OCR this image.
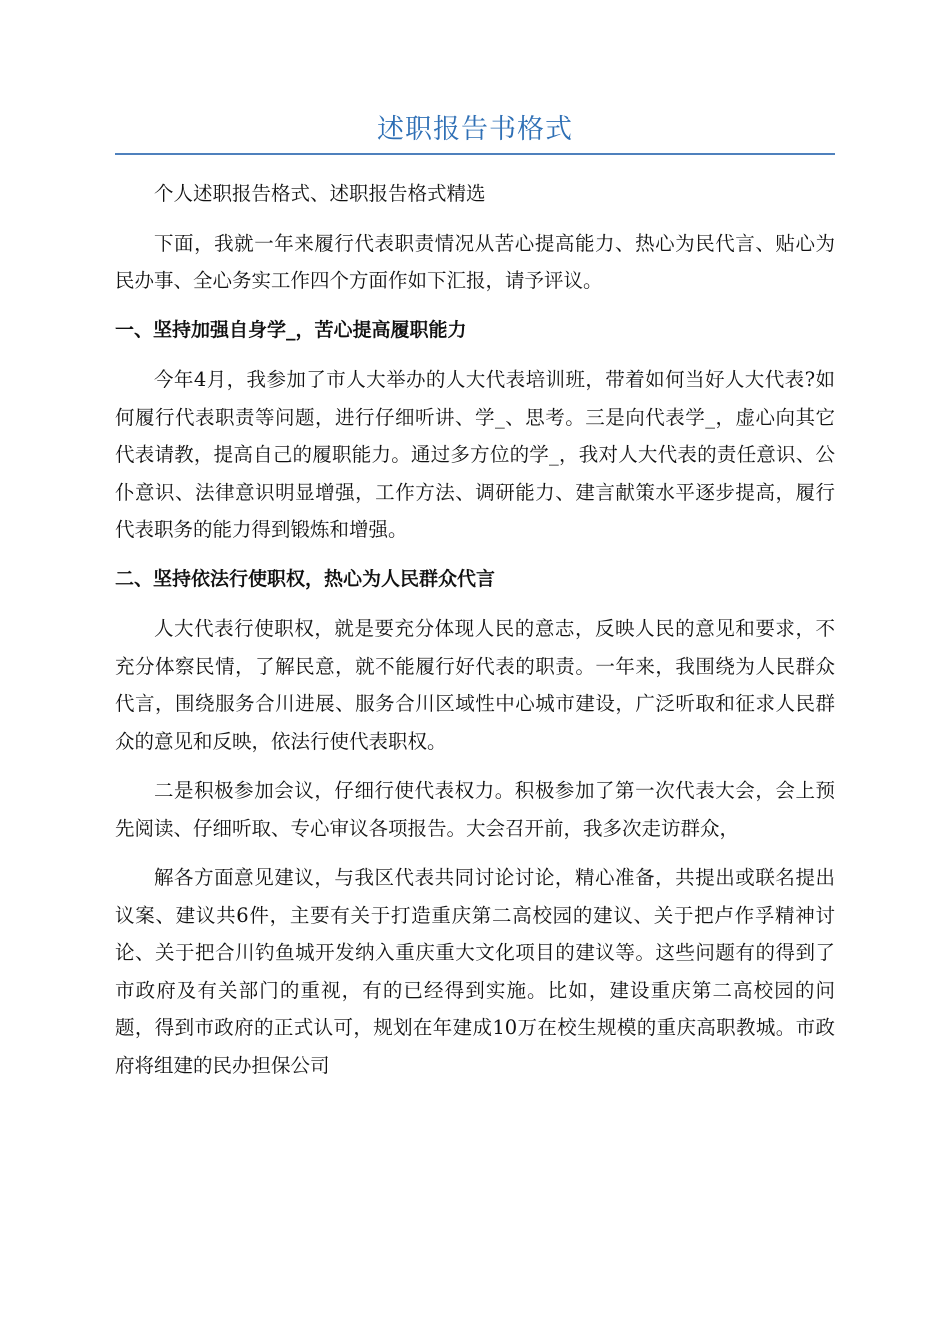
述职报告书格式

个人述职报告格式、述职报告格式精选

下面，我就一年来履行代表职责情况从苦心提高能力、热心为民代言、贴心为民办事、全心务实工作四个方面作如下汇报，请予评议。

一、坚持加强自身学_，苦心提高履职能力

今年4月，我参加了市人大举办的人大代表培训班，带着如何当好人大代表?如何履行代表职责等问题，进行仔细听讲、学_、思考。三是向代表学_，虚心向其它代表请教，提高自己的履职能力。通过多方位的学_，我对人大代表的责任意识、公仆意识、法律意识明显增强，工作方法、调研能力、建言献策水平逐步提高，履行代表职务的能力得到锻炼和增强。

二、坚持依法行使职权，热心为人民群众代言

人大代表行使职权，就是要充分体现人民的意志，反映人民的意见和要求，不充分体察民情，了解民意，就不能履行好代表的职责。一年来，我围绕为人民群众代言，围绕服务合川进展、服务合川区域性中心城市建设，广泛听取和征求人民群众的意见和反映，依法行使代表职权。

二是积极参加会议，仔细行使代表权力。积极参加了第一次代表大会，会上预先阅读、仔细听取、专心审议各项报告。大会召开前，我多次走访群众，

解各方面意见建议，与我区代表共同讨论讨论，精心准备，共提出或联名提出议案、建议共6件，主要有关于打造重庆第二高校园的建议、关于把卢作孚精神讨论、关于把合川钓鱼城开发纳入重庆重大文化项目的建议等。这些问题有的得到了市政府及有关部门的重视，有的已经得到实施。比如，建设重庆第二高校园的问题，得到市政府的正式认可，规划在年建成10万在校生规模的重庆高职教城。市政府将组建的民办担保公司
